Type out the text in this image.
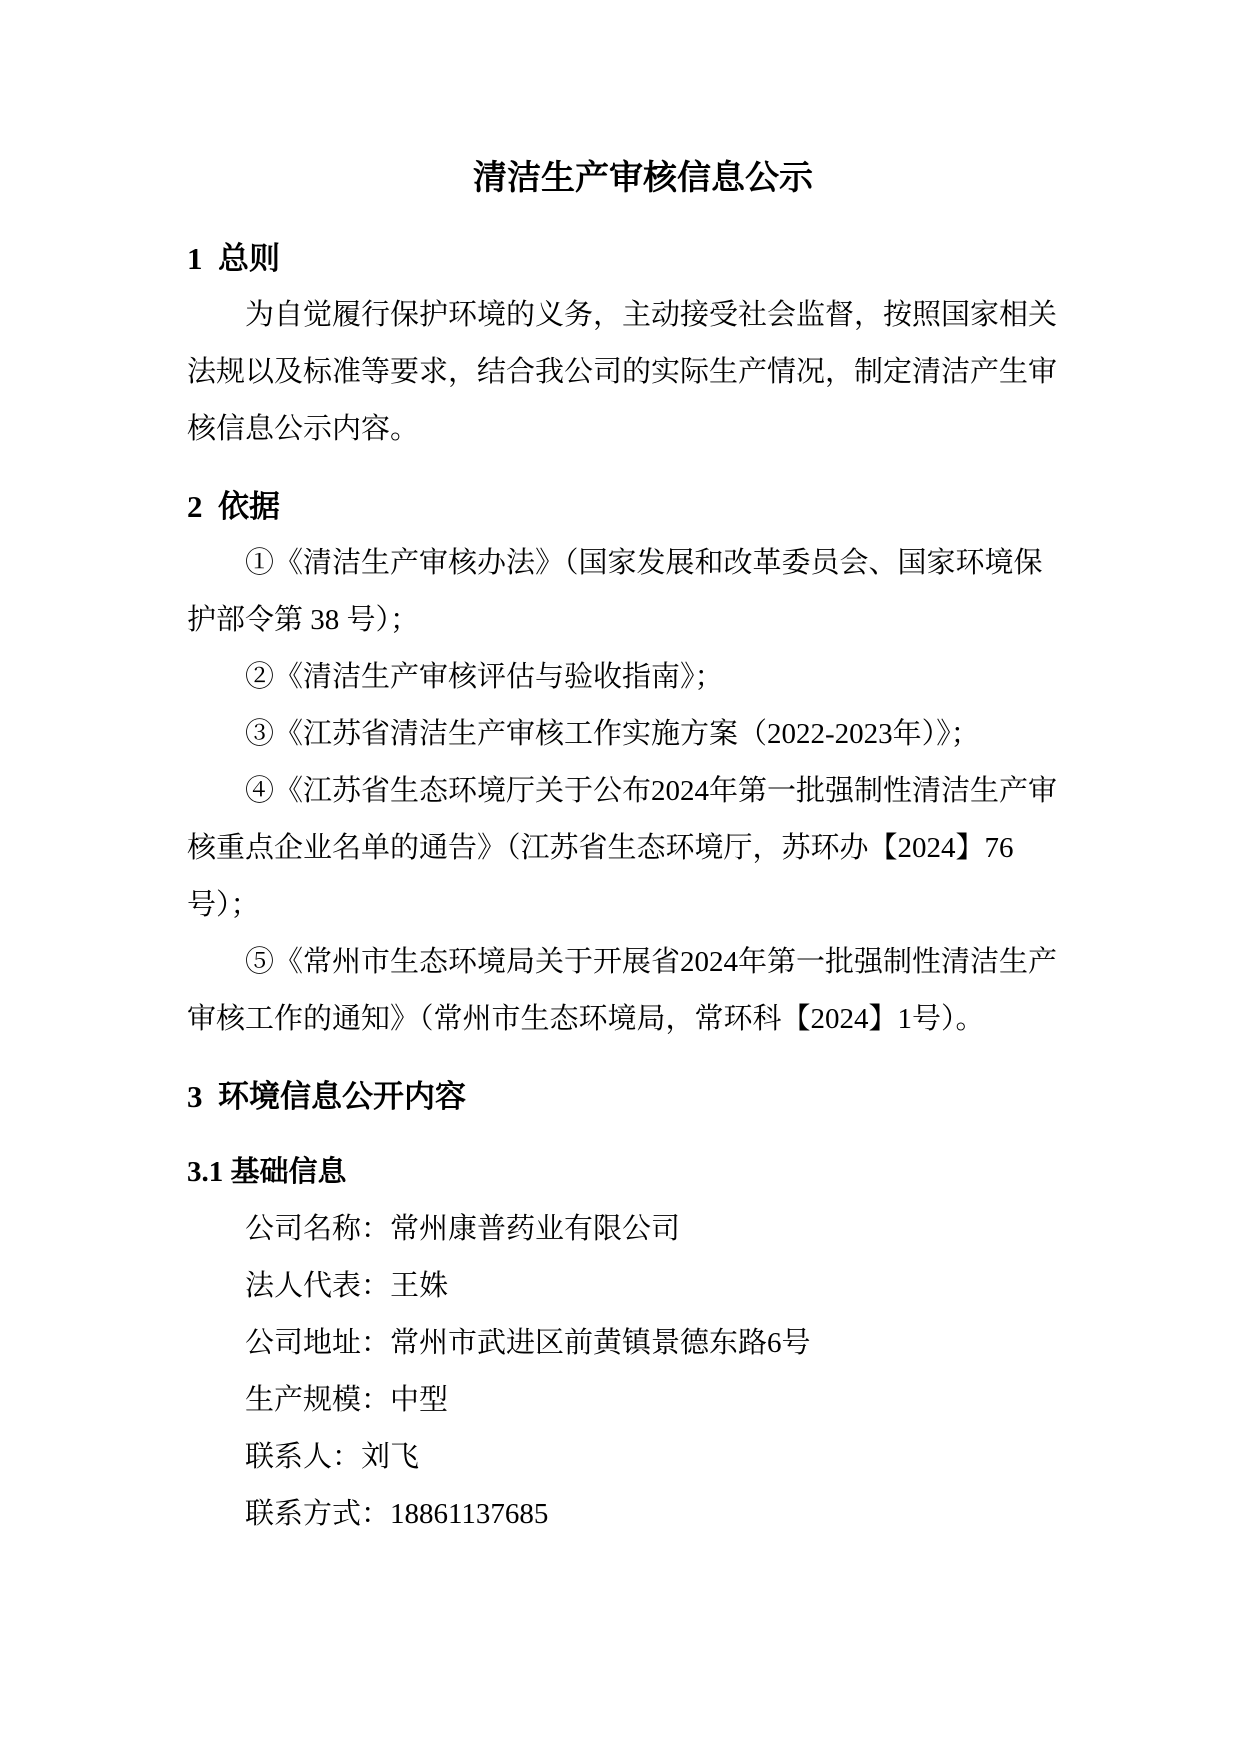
清洁生产审核信息公示
1  总则

为自觉履行保护环境的义务，主动接受社会监督，按照国家相关

法规以及标准等要求，结合我公司的实际生产情况，制定清洁产生审

核信息公示内容。

2  依据

①《清洁生产审核办法》（国家发展和改革委员会、国家环境保

护部令第 38 号）；

②《清洁生产审核评估与验收指南》；

③《江苏省清洁生产审核工作实施方案（2022-2023年）》；

④《江苏省生态环境厅关于公布2024年第一批强制性清洁生产审

核重点企业名单的通告》（江苏省生态环境厅，苏环办【2024】76

号）；

⑤《常州市生态环境局关于开展省2024年第一批强制性清洁生产

审核工作的通知》（常州市生态环境局，常环科【2024】1号）。

3  环境信息公开内容
3.1 基础信息

公司名称：常州康普药业有限公司

法人代表：王姝

公司地址：常州市武进区前黄镇景德东路6号

生产规模：中型

联系人：刘飞

联系方式：18861137685
